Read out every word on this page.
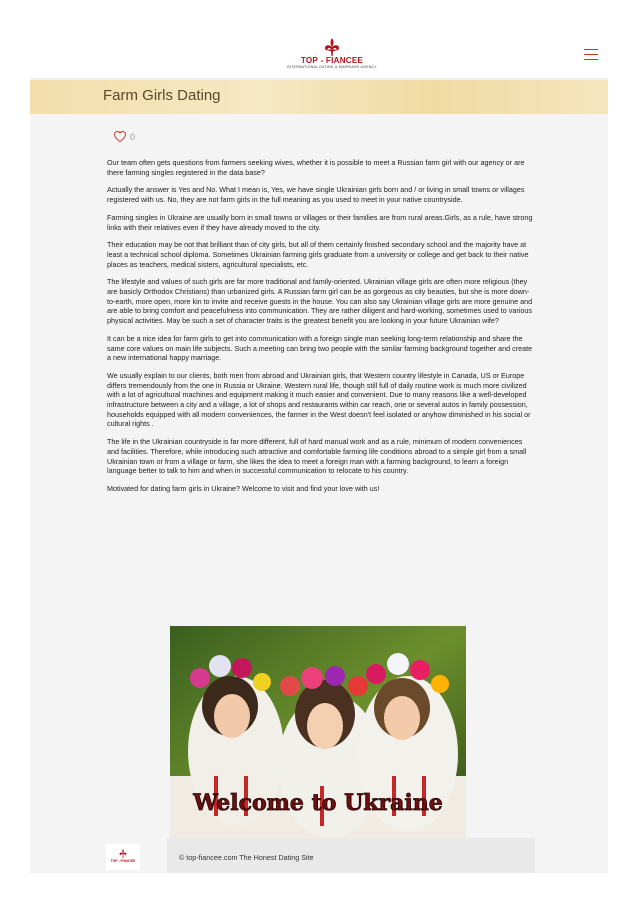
TOP - FIANCEE
INTERNATIONAL DATING & MARRIAGE AGENCY
Farm Girls Dating
0

Our team often gets questions from farmers seeking wives, whether it is possible to meet a Russian farm girl with our agency or are there farming singles registered in the data base?

Actually the answer is Yes and No. What I mean is, Yes, we have single Ukrainian girls born and / or living in small towns or villages registered with us. No, they are not farm girls in the full meaning as you used to meet in your native countryside.

Farming singles in Ukraine are usually born in small towns or villages or their families are from rural areas.Girls, as a rule, have strong links with their relatives even if they have already moved to the city.

Their education may be not that brilliant than of city girls, but all of them certainly finished secondary school and the majority have at least a technical school diploma. Sometimes Ukrainian farming girls graduate from a university or college and get back to their native places as teachers, medical sisters, agricultural specialists, etc.

The lifestyle and values of such girls are far more traditional and family-oriented. Ukrainian village girls are often more religious (they are basicly Orthodox Christians) than urbanized girls. A Russian farm girl can be as gorgeous as city beauties, but she is more down-to-earth, more open, more kin to invite and receive guests in the house. You can also say Ukrainian village girls are more genuine and are able to bring comfort and peacefulness into communication. They are rather diligent and hard-working, sometimes used to various physical activities. May be such a set of character traits is the greatest benefit you are looking in your future Ukrainian wife?

It can be a nice idea for farm girls to get into communication with a foreign single man seeking long-term relationship and share the same core values on main life subjects. Such a meeting can bring two people with the similar farming background together and create a new international happy marriage.

We usually explain to our clients, both men from abroad and Ukrainian girls, that Western country lifestyle in Canada, US or Europe differs tremendously from the one in Russia or Ukraine. Western rural life, though still full of daily routine work is much more civilized with a lot of agricultural machines and equipment making it much easier and convenient. Due to many reasons like a well-developed infrastructure between a city and a village, a lot of shops and restaurants within car reach, one or several autos in family possession, households equipped with all modern conveniences, the farmer in the West doesn't feel isolated or anyhow diminished in his social or cultural rights .

The life in the Ukrainian countryside is far more different, full of hard manual work and as a rule, minimum of modern conveniences and facilities. Therefore, while introducing such attractive and comfortable farming life conditions abroad to a simple girl from a small Ukrainian town or from a village or farm, she likes the idea to meet a foreign man with a farming background, to learn a foreign language better to talk to him and when in successful communication to relocate to his country.

Motivated for dating farm girls in Ukraine? Welcome to visit and find your love with us!

Welcome to Ukraine
TOP - FIANCEE	© top-fiancee.com The Honest Dating Site
